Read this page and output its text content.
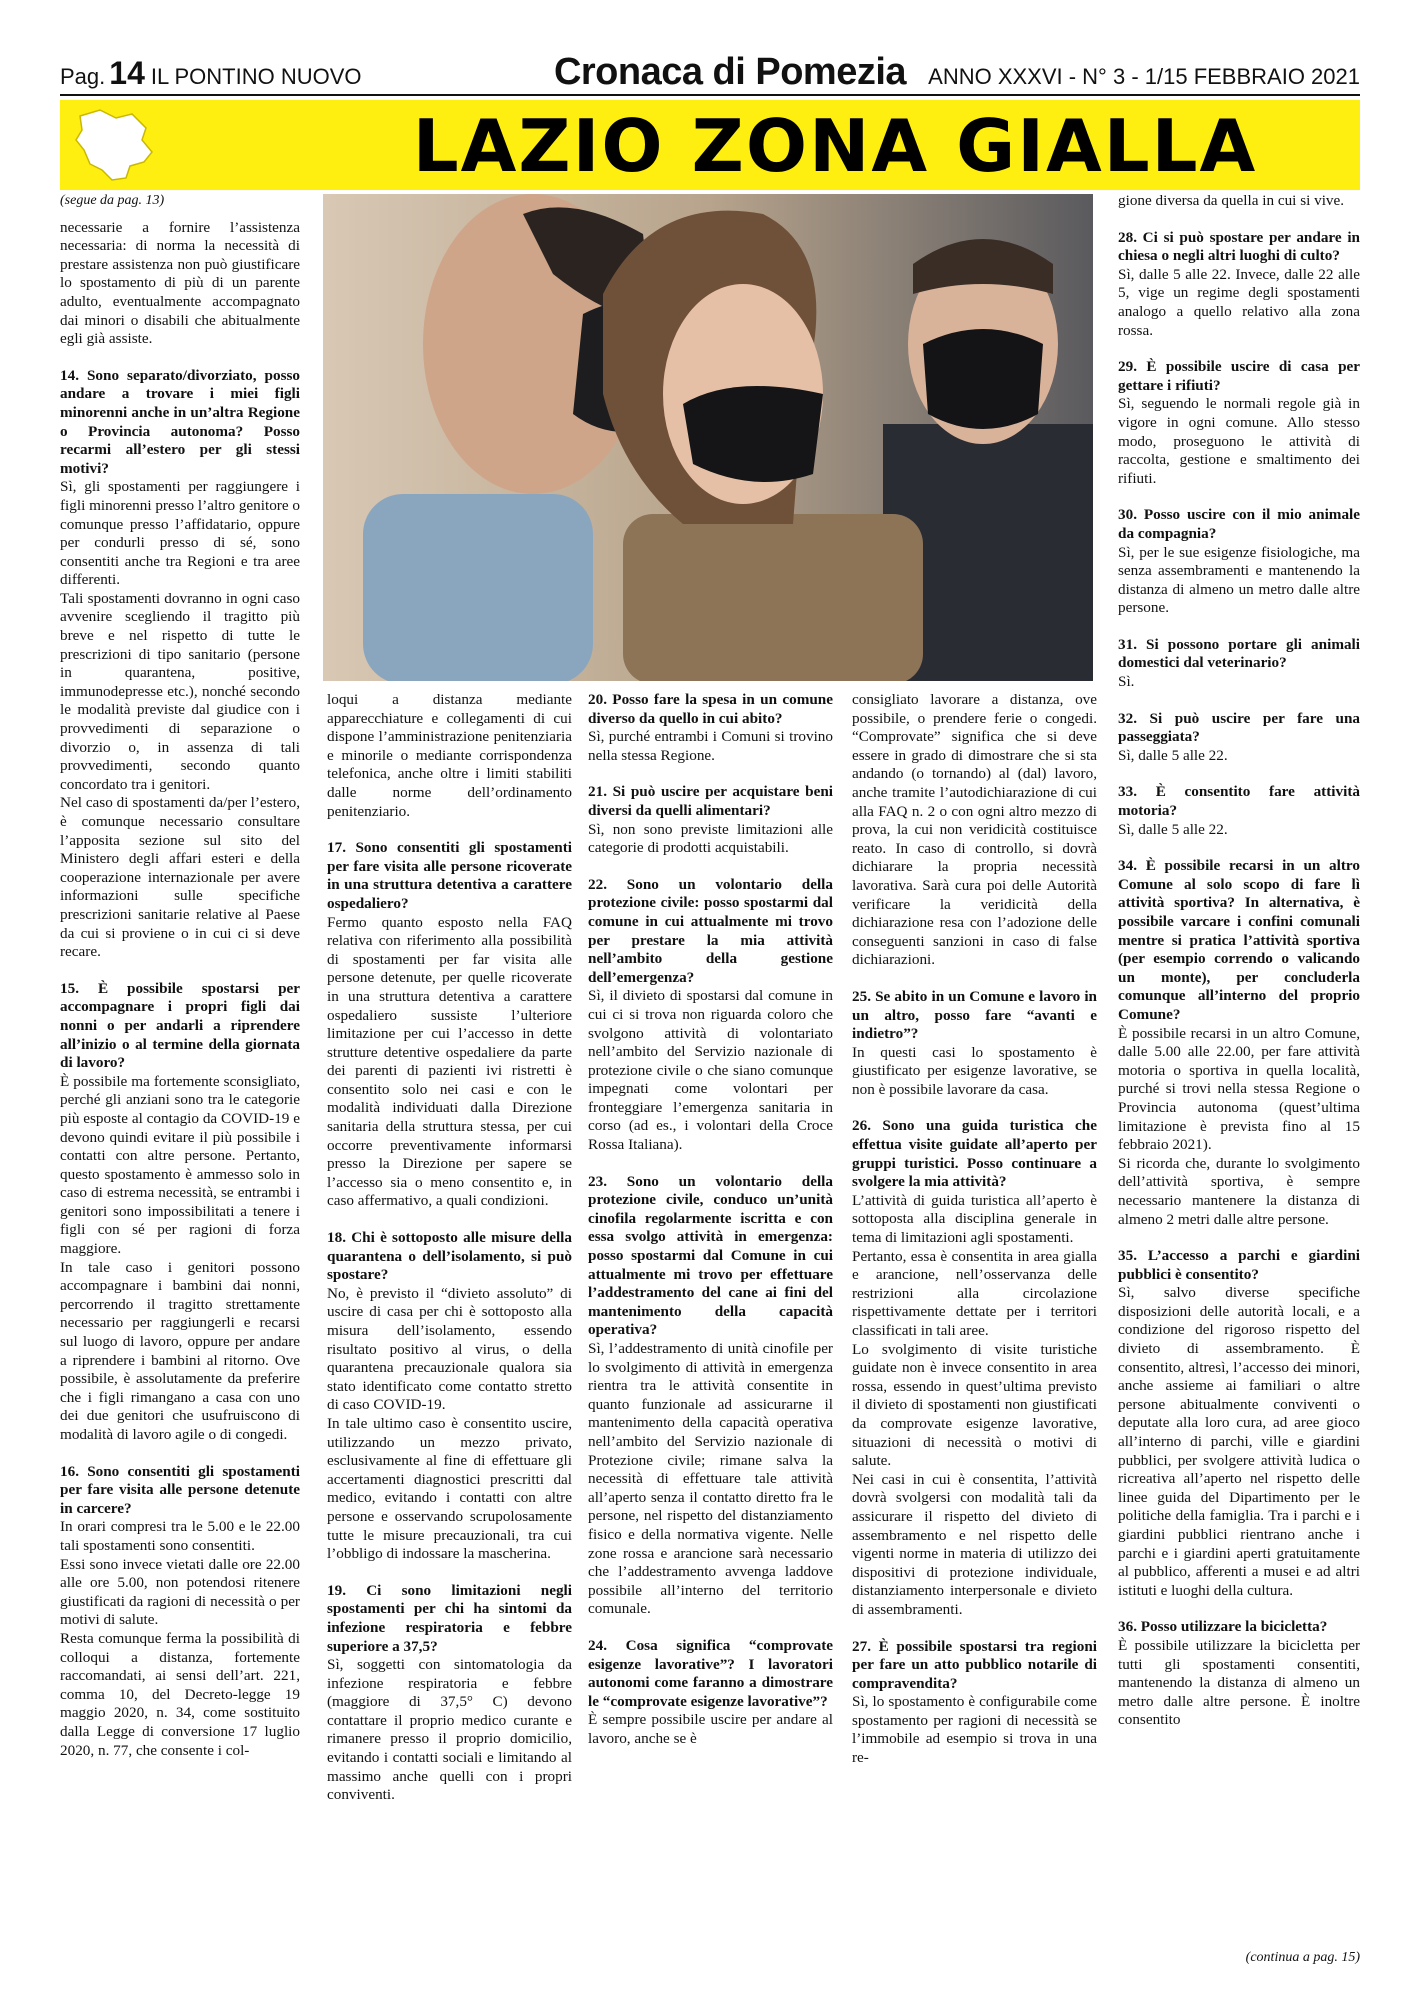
Pag. 14 IL PONTINO NUOVO	Cronaca di Pomezia	ANNO XXXVI - N° 3 - 1/15 FEBBRAIO 2021
LAZIO ZONA GIALLA

(segue da pag. 13)

necessarie a fornire l’assistenza necessaria: di norma la necessità di prestare assistenza non può giustificare lo spostamento di più di un parente adulto, eventualmente accompagnato dai minori o disabili che abitualmente egli già assiste.

14. Sono separato/divorziato, posso andare a trovare i miei figli minorenni anche in un’altra Regione o Provincia autonoma? Posso recarmi all’estero per gli stessi motivi?

Sì, gli spostamenti per raggiungere i figli minorenni presso l’altro genitore o comunque presso l’affidatario, oppure per condurli presso di sé, sono consentiti anche tra Regioni e tra aree differenti.

Tali spostamenti dovranno in ogni caso avvenire scegliendo il tragitto più breve e nel rispetto di tutte le prescrizioni di tipo sanitario (persone in quarantena, positive, immunodepresse etc.), nonché secondo le modalità previste dal giudice con i provvedimenti di separazione o divorzio o, in assenza di tali provvedimenti, secondo quanto concordato tra i genitori.

Nel caso di spostamenti da/per l’estero, è comunque necessario consultare l’apposita sezione sul sito del Ministero degli affari esteri e della cooperazione internazionale per avere informazioni sulle specifiche prescrizioni sanitarie relative al Paese da cui si proviene o in cui ci si deve recare.

15. È possibile spostarsi per accompagnare i propri figli dai nonni o per andarli a riprendere all’inizio o al termine della giornata di lavoro?

È possibile ma fortemente sconsigliato, perché gli anziani sono tra le categorie più esposte al contagio da COVID-19 e devono quindi evitare il più possibile i contatti con altre persone. Pertanto, questo spostamento è ammesso solo in caso di estrema necessità, se entrambi i genitori sono impossibilitati a tenere i figli con sé per ragioni di forza maggiore.

In tale caso i genitori possono accompagnare i bambini dai nonni, percorrendo il tragitto strettamente necessario per raggiungerli e recarsi sul luogo di lavoro, oppure per andare a riprendere i bambini al ritorno. Ove possibile, è assolutamente da preferire che i figli rimangano a casa con uno dei due genitori che usufruiscono di modalità di lavoro agile o di congedi.

16. Sono consentiti gli spostamenti per fare visita alle persone detenute in carcere?

In orari compresi tra le 5.00 e le 22.00 tali spostamenti sono consentiti.

Essi sono invece vietati dalle ore 22.00 alle ore 5.00, non potendosi ritenere giustificati da ragioni di necessità o per motivi di salute.

Resta comunque ferma la possibilità di colloqui a distanza, fortemente raccomandati, ai sensi dell’art. 221, comma 10, del Decreto-legge 19 maggio 2020, n. 34, come sostituito dalla Legge di conversione 17 luglio 2020, n. 77, che consente i col-

loqui a distanza mediante apparecchiature e collegamenti di cui dispone l’amministrazione penitenziaria e minorile o mediante corrispondenza telefonica, anche oltre i limiti stabiliti dalle norme dell’ordinamento penitenziario.

17. Sono consentiti gli spostamenti per fare visita alle persone ricoverate in una struttura detentiva a carattere ospedaliero?

Fermo quanto esposto nella FAQ relativa con riferimento alla possibilità di spostamenti per far visita alle persone detenute, per quelle ricoverate in una struttura detentiva a carattere ospedaliero sussiste l’ulteriore limitazione per cui l’accesso in dette strutture detentive ospedaliere da parte dei parenti di pazienti ivi ristretti è consentito solo nei casi e con le modalità individuati dalla Direzione sanitaria della struttura stessa, per cui occorre preventivamente informarsi presso la Direzione per sapere se l’accesso sia o meno consentito e, in caso affermativo, a quali condizioni.

18. Chi è sottoposto alle misure della quarantena o dell’isolamento, si può spostare?

No, è previsto il “divieto assoluto” di uscire di casa per chi è sottoposto alla misura dell’isolamento, essendo risultato positivo al virus, o della quarantena precauzionale qualora sia stato identificato come contatto stretto di caso COVID-19.

In tale ultimo caso è consentito uscire, utilizzando un mezzo privato, esclusivamente al fine di effettuare gli accertamenti diagnostici prescritti dal medico, evitando i contatti con altre persone e osservando scrupolosamente tutte le misure precauzionali, tra cui l’obbligo di indossare la mascherina.

19. Ci sono limitazioni negli spostamenti per chi ha sintomi da infezione respiratoria e febbre superiore a 37,5?

Sì, soggetti con sintomatologia da infezione respiratoria e febbre (maggiore di 37,5° C) devono contattare il proprio medico curante e rimanere presso il proprio domicilio, evitando i contatti sociali e limitando al massimo anche quelli con i propri conviventi.

20. Posso fare la spesa in un comune diverso da quello in cui abito?

Sì, purché entrambi i Comuni si trovino nella stessa Regione.

21. Si può uscire per acquistare beni diversi da quelli alimentari?

Sì, non sono previste limitazioni alle categorie di prodotti acquistabili.

22. Sono un volontario della protezione civile: posso spostarmi dal comune in cui attualmente mi trovo per prestare la mia attività nell’ambito della gestione dell’emergenza?

Sì, il divieto di spostarsi dal comune in cui ci si trova non riguarda coloro che svolgono attività di volontariato nell’ambito del Servizio nazionale di protezione civile o che siano comunque impegnati come volontari per fronteggiare l’emergenza sanitaria in corso (ad es., i volontari della Croce Rossa Italiana).

23. Sono un volontario della protezione civile, conduco un’unità cinofila regolarmente iscritta e con essa svolgo attività in emergenza: posso spostarmi dal Comune in cui attualmente mi trovo per effettuare l’addestramento del cane ai fini del mantenimento della capacità operativa?

Sì, l’addestramento di unità cinofile per lo svolgimento di attività in emergenza rientra tra le attività consentite in quanto funzionale ad assicurarne il mantenimento della capacità operativa nell’ambito del Servizio nazionale di Protezione civile; rimane salva la necessità di effettuare tale attività all’aperto senza il contatto diretto fra le persone, nel rispetto del distanziamento fisico e della normativa vigente. Nelle zone rossa e arancione sarà necessario che l’addestramento avvenga laddove possibile all’interno del territorio comunale.

24. Cosa significa “comprovate esigenze lavorative”? I lavoratori autonomi come faranno a dimostrare le “comprovate esigenze lavorative”?

È sempre possibile uscire per andare al lavoro, anche se è

consigliato lavorare a distanza, ove possibile, o prendere ferie o congedi. “Comprovate” significa che si deve essere in grado di dimostrare che si sta andando (o tornando) al (dal) lavoro, anche tramite l’autodichiarazione di cui alla FAQ n. 2 o con ogni altro mezzo di prova, la cui non veridicità costituisce reato. In caso di controllo, si dovrà dichiarare la propria necessità lavorativa. Sarà cura poi delle Autorità verificare la veridicità della dichiarazione resa con l’adozione delle conseguenti sanzioni in caso di false dichiarazioni.

25. Se abito in un Comune e lavoro in un altro, posso fare “avanti e indietro”?

In questi casi lo spostamento è giustificato per esigenze lavorative, se non è possibile lavorare da casa.

26. Sono una guida turistica che effettua visite guidate all’aperto per gruppi turistici. Posso continuare a svolgere la mia attività?

L’attività di guida turistica all’aperto è sottoposta alla disciplina generale in tema di limitazioni agli spostamenti.

Pertanto, essa è consentita in area gialla e arancione, nell’osservanza delle restrizioni alla circolazione rispettivamente dettate per i territori classificati in tali aree.

Lo svolgimento di visite turistiche guidate non è invece consentito in area rossa, essendo in quest’ultima previsto il divieto di spostamenti non giustificati da comprovate esigenze lavorative, situazioni di necessità o motivi di salute.

Nei casi in cui è consentita, l’attività dovrà svolgersi con modalità tali da assicurare il rispetto del divieto di assembramento e nel rispetto delle vigenti norme in materia di utilizzo dei dispositivi di protezione individuale, distanziamento interpersonale e divieto di assembramenti.

27. È possibile spostarsi tra regioni per fare un atto pubblico notarile di compravendita?

Sì, lo spostamento è configurabile come spostamento per ragioni di necessità se l’immobile ad esempio si trova in una re-

gione diversa da quella in cui si vive.

28. Ci si può spostare per andare in chiesa o negli altri luoghi di culto?

Sì, dalle 5 alle 22. Invece, dalle 22 alle 5, vige un regime degli spostamenti analogo a quello relativo alla zona rossa.

29. È possibile uscire di casa per gettare i rifiuti?

Sì, seguendo le normali regole già in vigore in ogni comune. Allo stesso modo, proseguono le attività di raccolta, gestione e smaltimento dei rifiuti.

30. Posso uscire con il mio animale da compagnia?

Sì, per le sue esigenze fisiologiche, ma senza assembramenti e mantenendo la distanza di almeno un metro dalle altre persone.

31. Si possono portare gli animali domestici dal veterinario?

Sì.

32. Si può uscire per fare una passeggiata?

Sì, dalle 5 alle 22.

33. È consentito fare attività motoria?

Sì, dalle 5 alle 22.

34. È possibile recarsi in un altro Comune al solo scopo di fare lì attività sportiva? In alternativa, è possibile varcare i confini comunali mentre si pratica l’attività sportiva (per esempio correndo o valicando un monte), per concluderla comunque all’interno del proprio Comune?

È possibile recarsi in un altro Comune, dalle 5.00 alle 22.00, per fare attività motoria o sportiva in quella località, purché si trovi nella stessa Regione o Provincia autonoma (quest’ultima limitazione è prevista fino al 15 febbraio 2021).

Si ricorda che, durante lo svolgimento dell’attività sportiva, è sempre necessario mantenere la distanza di almeno 2 metri dalle altre persone.

35. L’accesso a parchi e giardini pubblici è consentito?

Sì, salvo diverse specifiche disposizioni delle autorità locali, e a condizione del rigoroso rispetto del divieto di assembramento. È consentito, altresì, l’accesso dei minori, anche assieme ai familiari o altre persone abitualmente conviventi o deputate alla loro cura, ad aree gioco all’interno di parchi, ville e giardini pubblici, per svolgere attività ludica o ricreativa all’aperto nel rispetto delle linee guida del Dipartimento per le politiche della famiglia. Tra i parchi e i giardini pubblici rientrano anche i parchi e i giardini aperti gratuitamente al pubblico, afferenti a musei e ad altri istituti e luoghi della cultura.

36. Posso utilizzare la bicicletta?

È possibile utilizzare la bicicletta per tutti gli spostamenti consentiti, mantenendo la distanza di almeno un metro dalle altre persone. È inoltre consentito

(continua a pag. 15)
